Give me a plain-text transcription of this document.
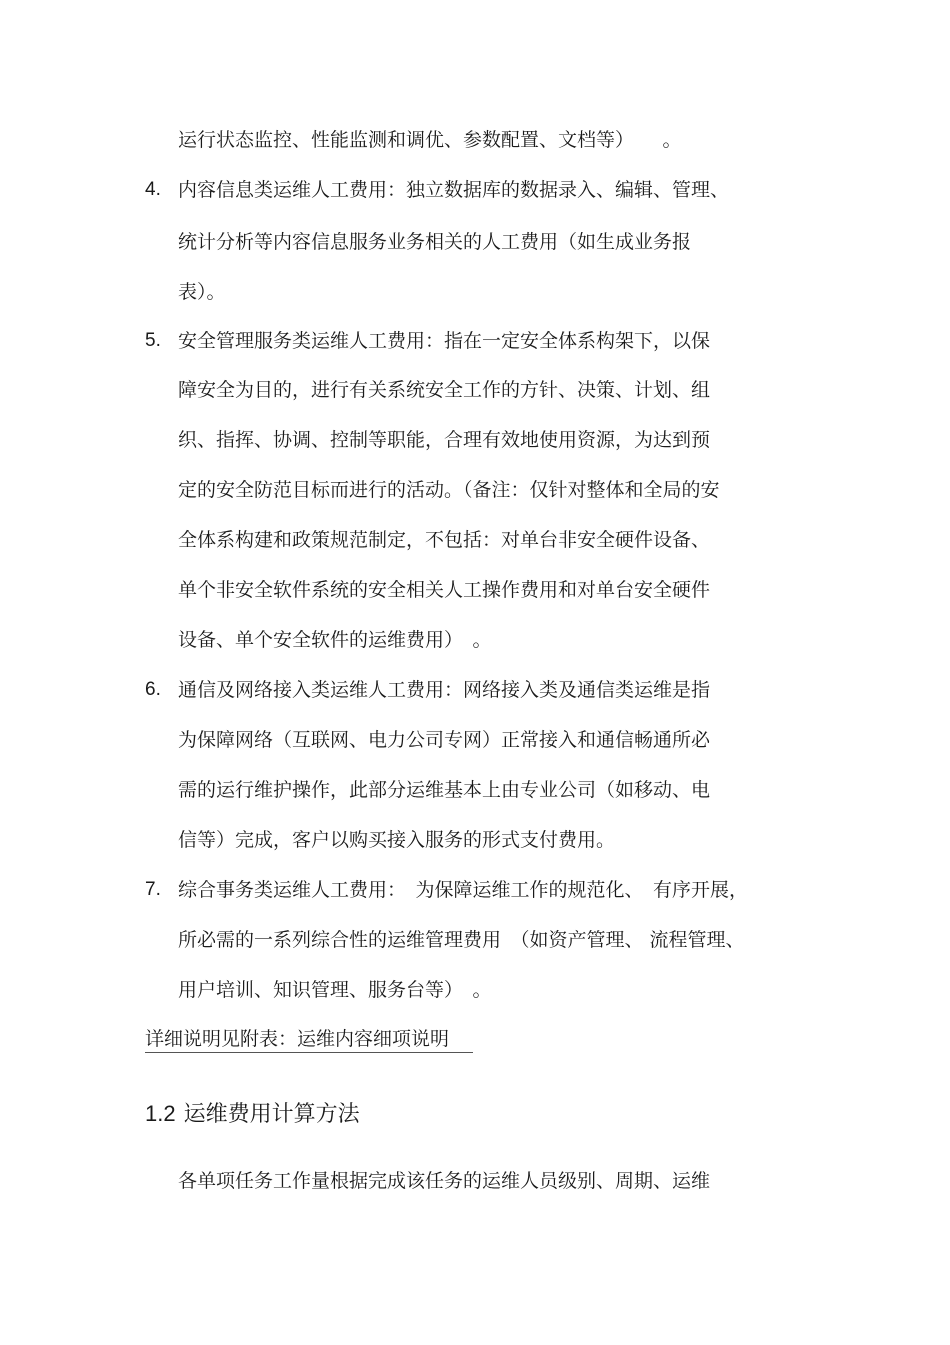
运行状态监控、性能监测和调优、参数配置、文档等）　　。
4. 内容信息类运维人工费用：独立数据库的数据录入、编辑、管理、
统计分析等内容信息服务业务相关的人工费用（如生成业务报
表）。
5. 安全管理服务类运维人工费用：指在一定安全体系构架下，以保
障安全为目的，进行有关系统安全工作的方针、决策、计划、组
织、指挥、协调、控制等职能，合理有效地使用资源，为达到预
定的安全防范目标而进行的活动。（备注：仅针对整体和全局的安
全体系构建和政策规范制定，不包括：对单台非安全硬件设备、
单个非安全软件系统的安全相关人工操作费用和对单台安全硬件
设备、单个安全软件的运维费用）　。
6. 通信及网络接入类运维人工费用：网络接入类及通信类运维是指
为保障网络（互联网、电力公司专网）正常接入和通信畅通所必
需的运行维护操作，此部分运维基本上由专业公司（如移动、电
信等）完成，客户以购买接入服务的形式支付费用。
7. 综合事务类运维人工费用：　为保障运维工作的规范化、　有序开展，
所必需的一系列综合性的运维管理费用　（如资产管理、 流程管理、
用户培训、知识管理、服务台等）　。
详细说明见附表：运维内容细项说明
1.2 运维费用计算方法
各单项任务工作量根据完成该任务的运维人员级别、周期、运维
